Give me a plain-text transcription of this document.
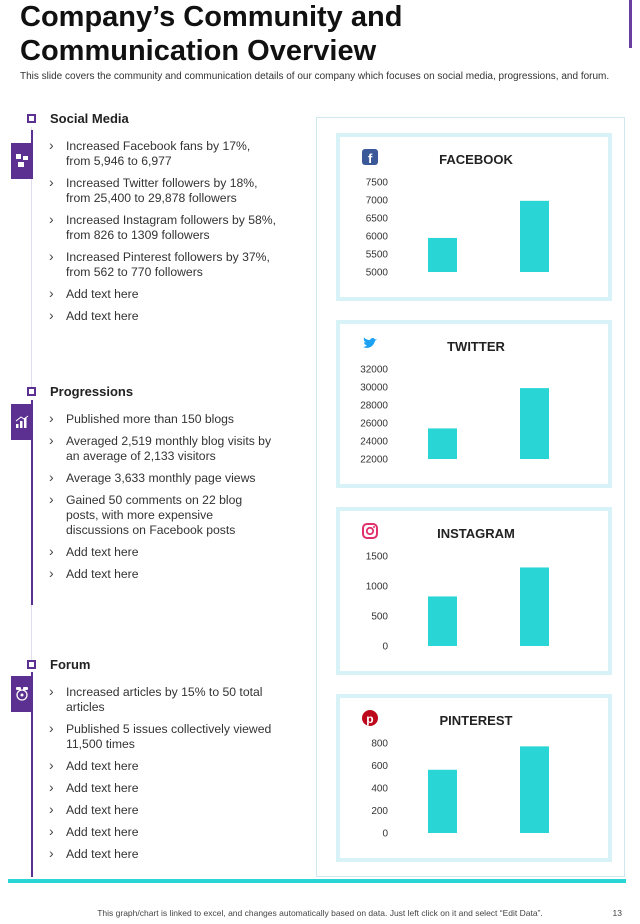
Company’s Community and
Communication Overview
This slide covers the community and communication details of our company which focuses on social media, progressions, and forum.
Social Media
› Increased Facebook fans by 17%, from 5,946 to 6,977
› Increased Twitter followers by 18%, from 25,400 to 29,878 followers
› Increased Instagram followers by 58%, from 826 to 1309 followers
› Increased Pinterest followers by 37%, from 562 to 770 followers
› Add text here
› Add text here
Progressions
› Published more than 150 blogs
› Averaged 2,519 monthly blog visits by an average of 2,133 visitors
› Average 3,633 monthly page views
› Gained 50 comments on 22 blog posts, with more expensive discussions on Facebook posts
› Add text here
› Add text here
Forum
› Increased articles by 15% to 50 total articles
› Published 5 issues collectively viewed 11,500 times
› Add text here
› Add text here
› Add text here
› Add text here
› Add text here
f	FACEBOOK
5000
5500
6000
6500
7000
7500
TWITTER
22000
24000
26000
28000
30000
32000
INSTAGRAM
0
500
1000
1500
p	PINTEREST
0
200
400
600
800
This graph/chart is linked to excel, and changes automatically based on data. Just left click on it and select “Edit Data”.	13
